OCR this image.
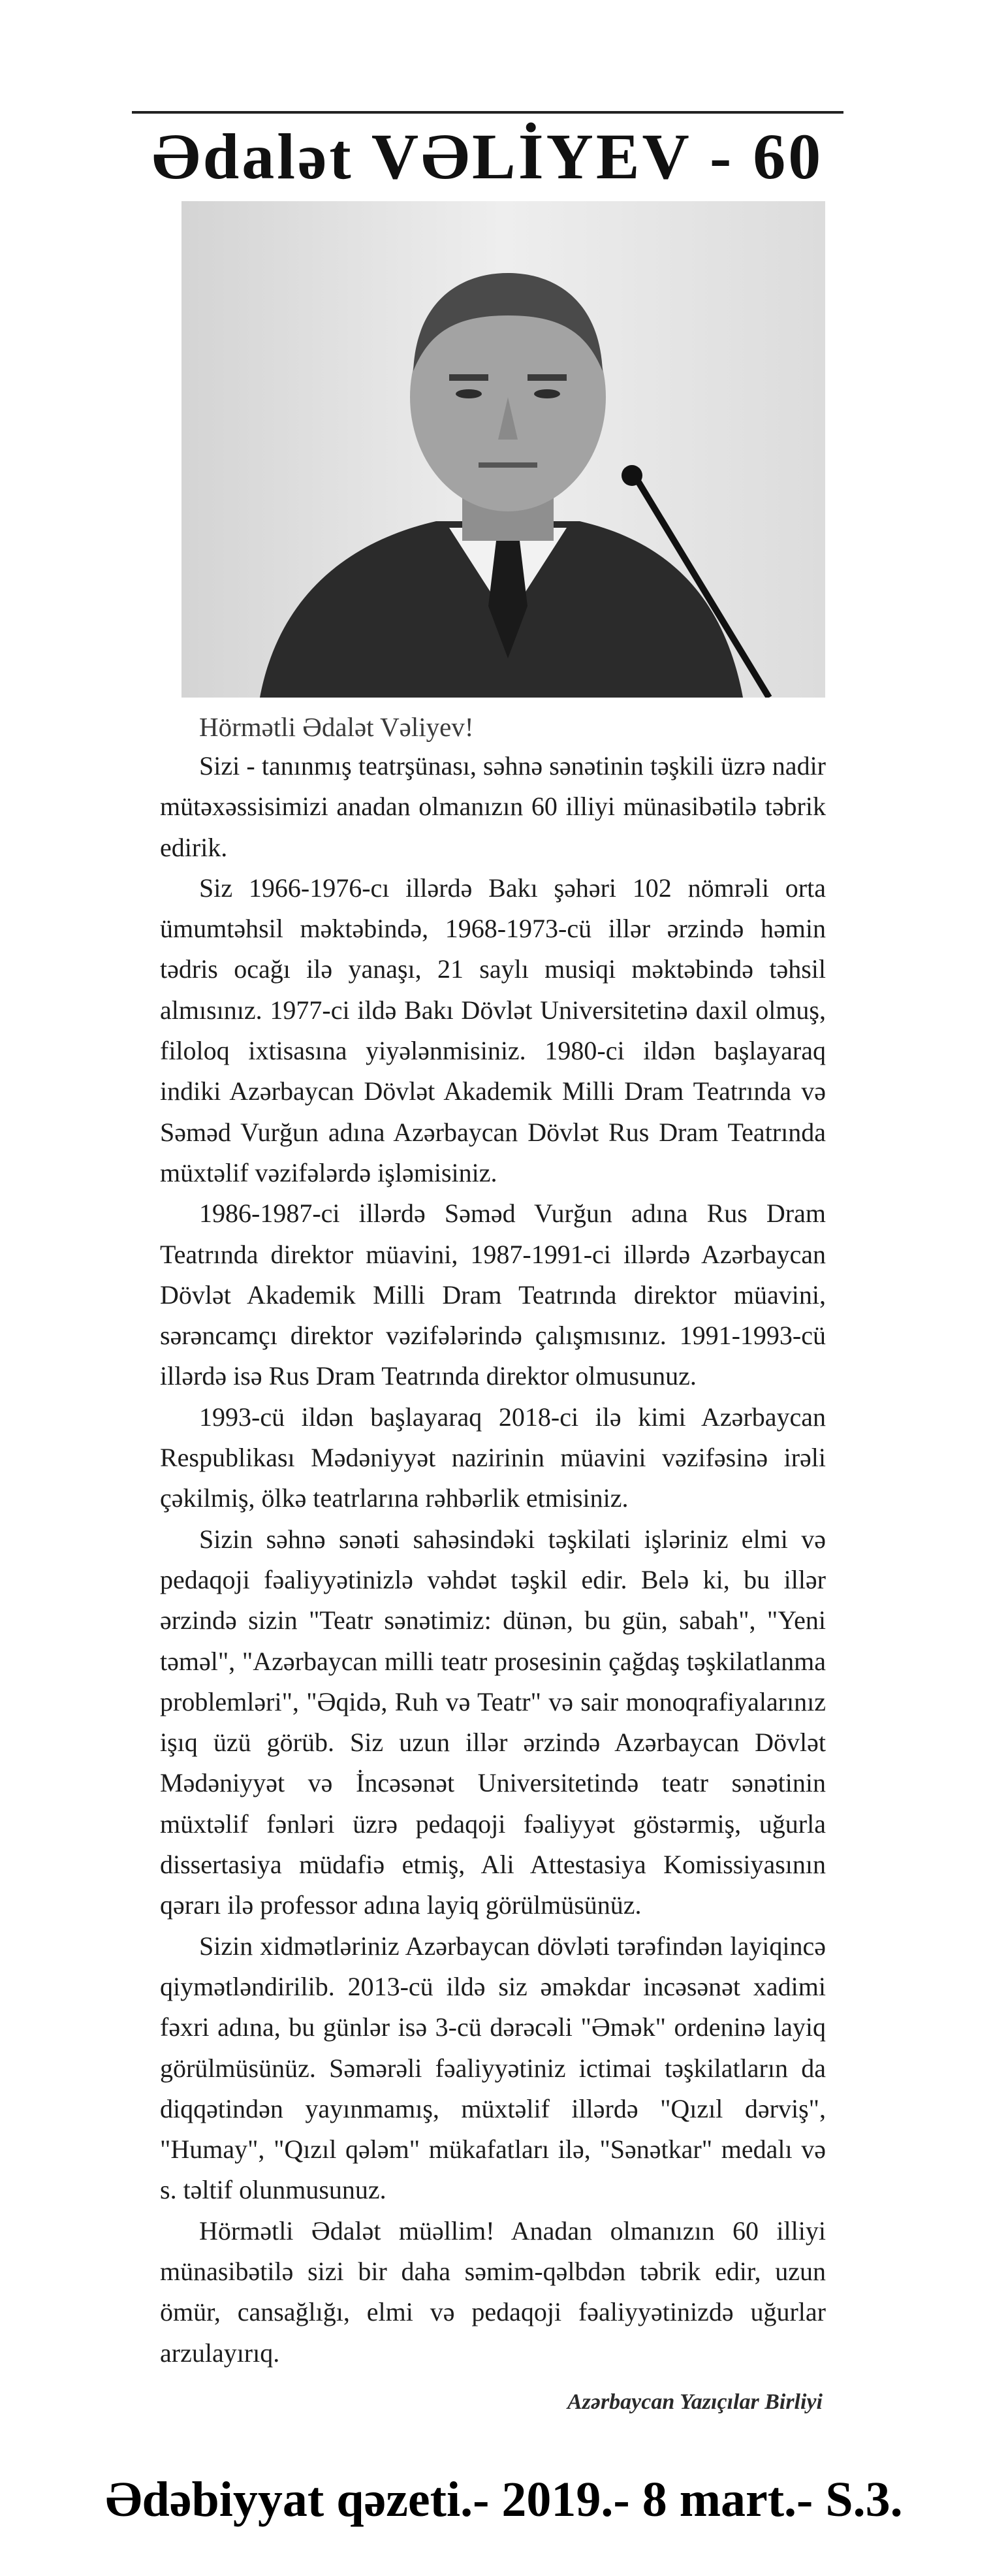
Ədalət VƏLİYEV - 60
Hörmətli Ədalət Vəliyev!

Sizi - tanınmış teatrşünası, səhnə sənətinin təşkili üzrə nadir mütəxəssisimizi anadan olmanızın 60 illiyi münasibətilə təbrik edirik.

Siz 1966-1976-cı illərdə Bakı şəhəri 102 nömrəli orta ümumtəhsil məktəbində, 1968-1973-cü illər ərzində həmin tədris ocağı ilə yanaşı, 21 saylı musiqi məktəbində təhsil almısınız. 1977-ci ildə Bakı Dövlət Universitetinə daxil olmuş, filoloq ixtisasına yiyələnmisiniz. 1980-ci ildən başlayaraq indiki Azərbaycan Dövlət Akademik Milli Dram Teatrında və Səməd Vurğun adına Azərbaycan Dövlət Rus Dram Teatrında müxtəlif vəzifələrdə işləmisiniz.

1986-1987-ci illərdə Səməd Vurğun adına Rus Dram Teatrında direktor müavini, 1987-1991-ci illərdə Azərbaycan Dövlət Akademik Milli Dram Teatrında direktor müavini, sərəncamçı direktor vəzifələrində çalışmısınız. 1991-1993-cü illərdə isə Rus Dram Teatrında direktor olmusunuz.

1993-cü ildən başlayaraq 2018-ci ilə kimi Azərbaycan Respublikası Mədəniyyət nazirinin müavini vəzifəsinə irəli çəkilmiş, ölkə teatrlarına rəhbərlik etmisiniz.

Sizin səhnə sənəti sahəsindəki təşkilati işləriniz elmi və pedaqoji fəaliyyətinizlə vəhdət təşkil edir. Belə ki, bu illər ərzində sizin "Teatr sənətimiz: dünən, bu gün, sabah", "Yeni təməl", "Azərbaycan milli teatr prosesinin çağdaş təşkilatlanma problemləri", "Əqidə, Ruh və Teatr" və sair monoqrafiyalarınız işıq üzü görüb. Siz uzun illər ərzində Azərbaycan Dövlət Mədəniyyət və İncəsənət Universitetində teatr sənətinin müxtəlif fənləri üzrə pedaqoji fəaliyyət göstərmiş, uğurla dissertasiya müdafiə etmiş, Ali Attestasiya Komissiyasının qərarı ilə professor adına layiq görülmüsünüz.

Sizin xidmətləriniz Azərbaycan dövləti tərəfindən layiqincə qiymətləndirilib. 2013-cü ildə siz əməkdar incəsənət xadimi fəxri adına, bu günlər isə 3-cü dərəcəli "Əmək" ordeninə layiq görülmüsünüz. Səmərəli fəaliyyətiniz ictimai təşkilatların da diqqətindən yayınmamış, müxtəlif illərdə "Qızıl dərviş", "Humay", "Qızıl qələm" mükafatları ilə, "Sənətkar" medalı və s. təltif olunmusunuz.

Hörmətli Ədalət müəllim! Anadan olmanızın 60 illiyi münasibətilə sizi bir daha səmim-qəlbdən təbrik edir, uzun ömür, cansağlığı, elmi və pedaqoji fəaliyyətinizdə uğurlar arzulayırıq.

Azərbaycan Yazıçılar Birliyi
Ədəbiyyat qəzeti.- 2019.- 8 mart.- S.3.
